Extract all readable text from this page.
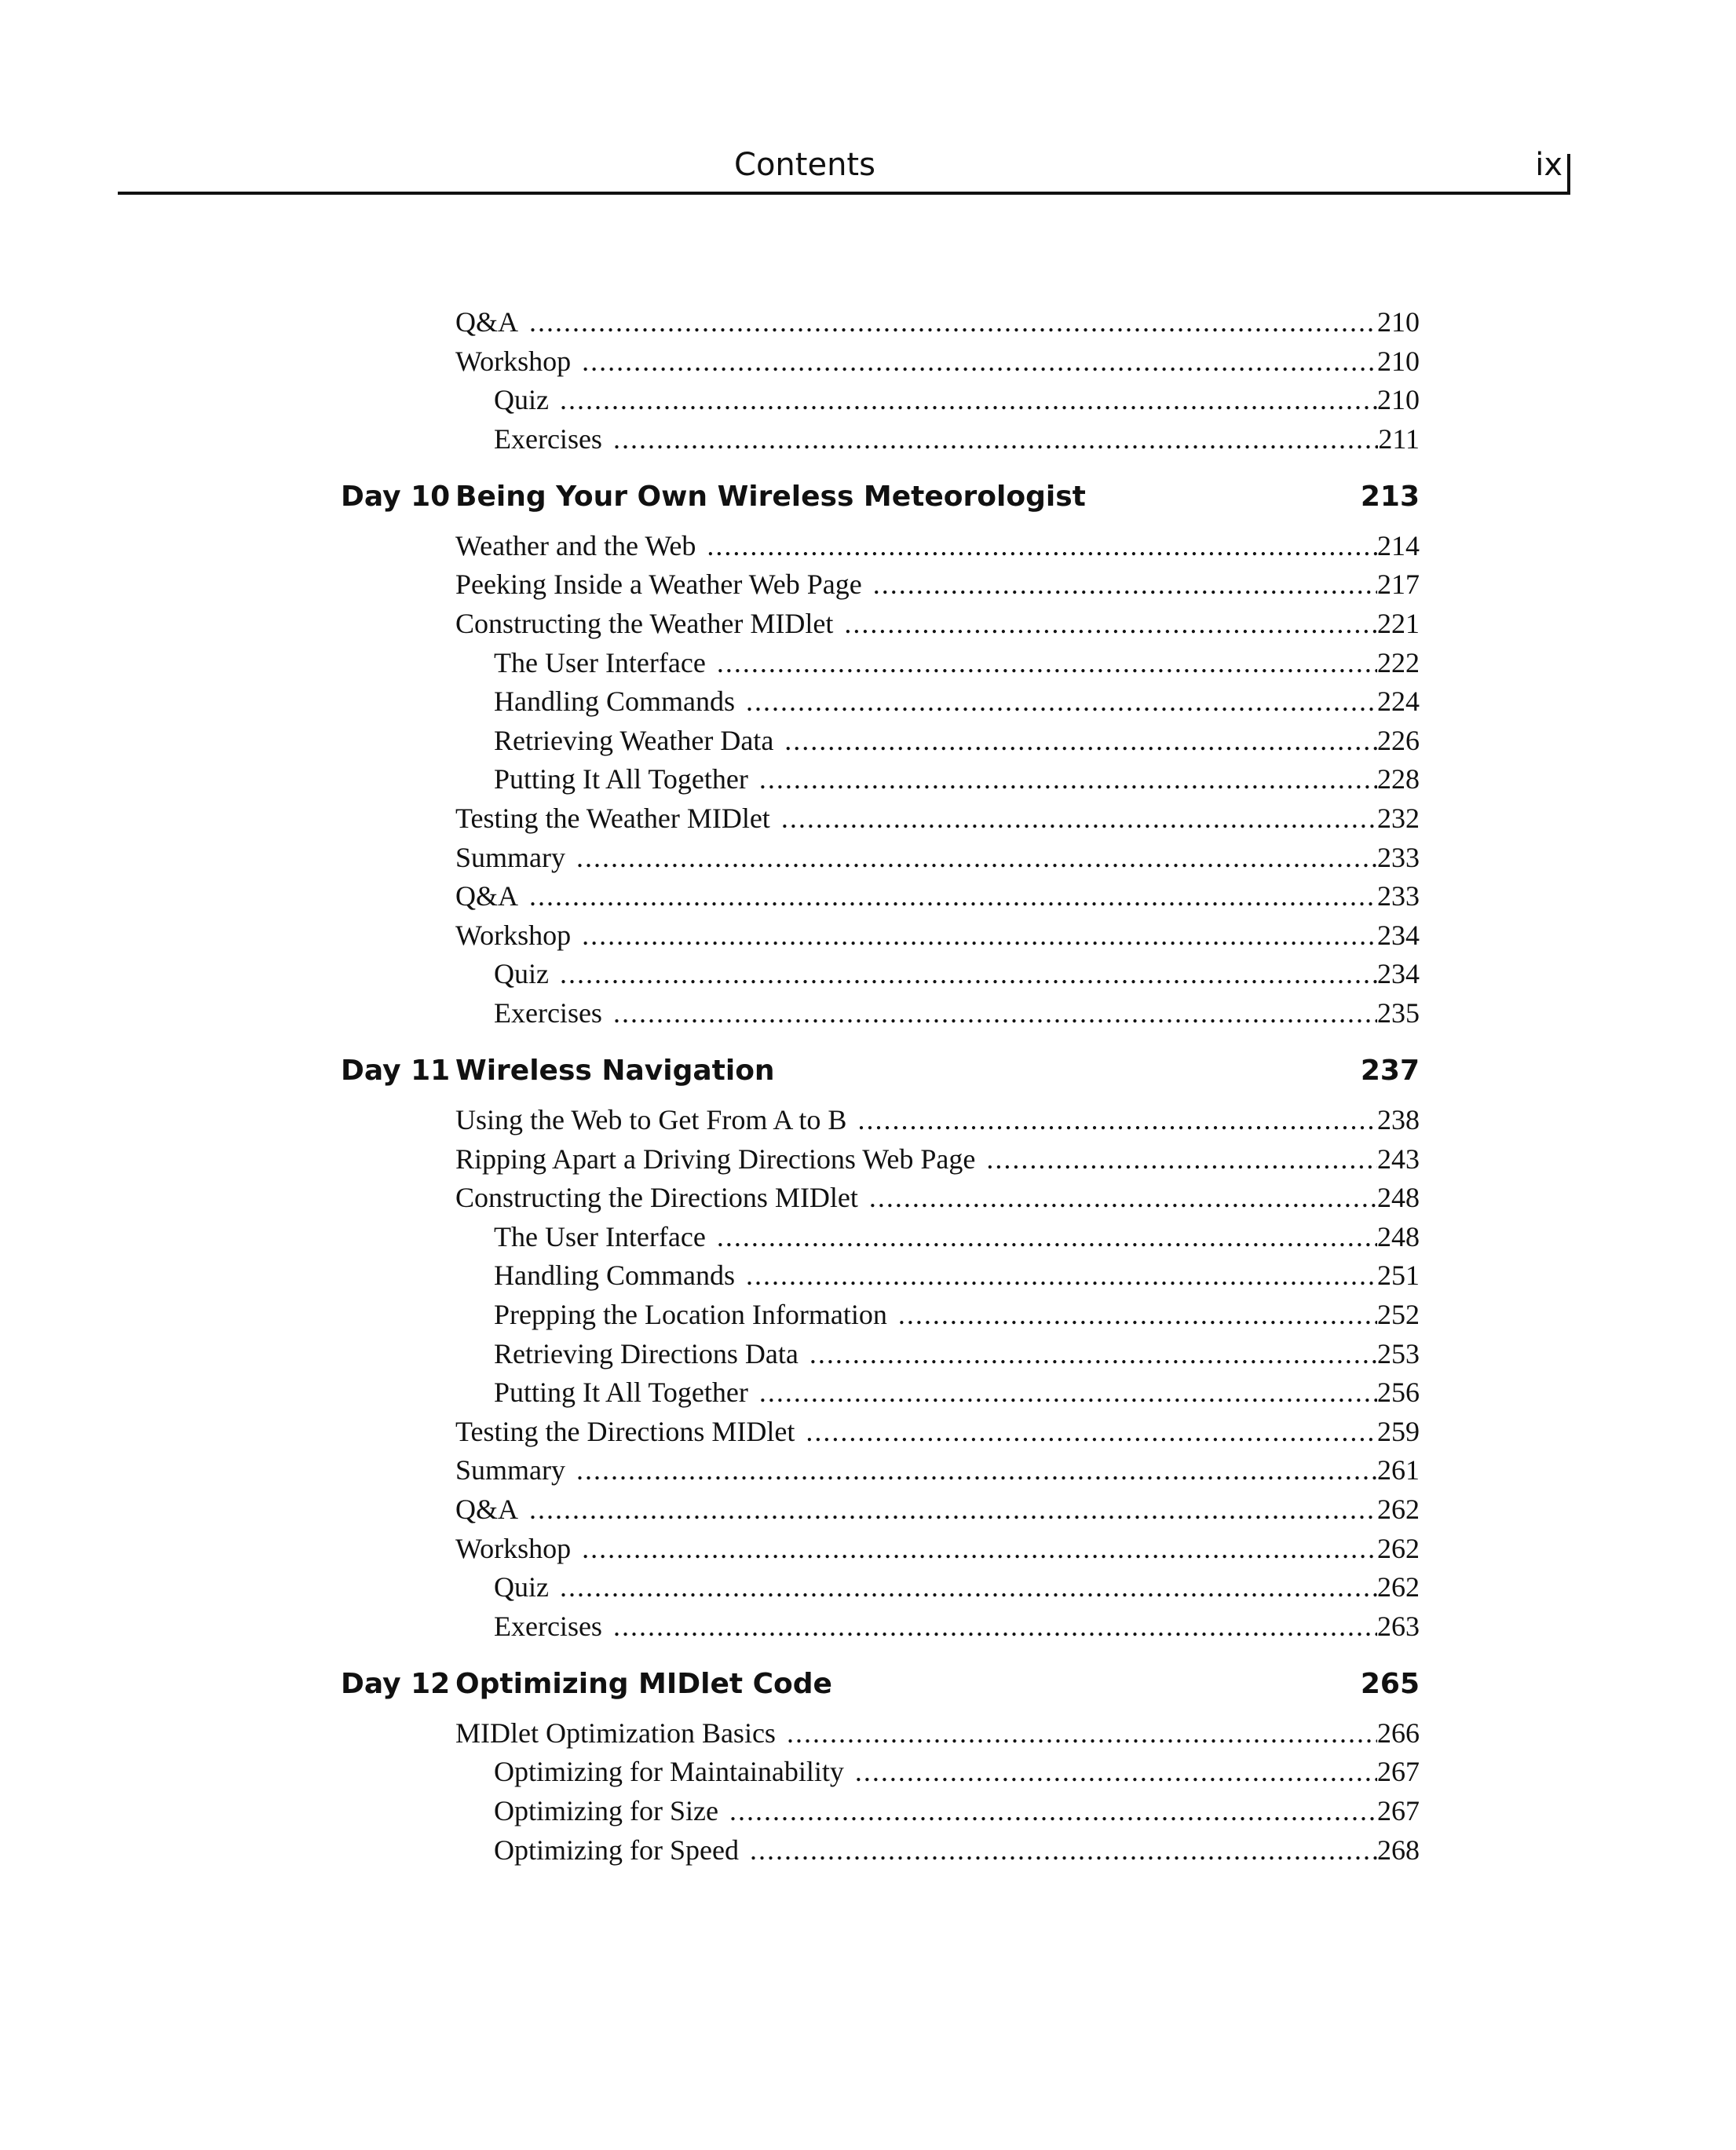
Contents	ix
Q&A .....	210
Workshop .....	210
Quiz .....	210
Exercises .....	211
Day 10 Being Your Own Wireless Meteorologist	213
Weather and the Web .....	214
Peeking Inside a Weather Web Page .....	217
Constructing the Weather MIDlet .....	221
The User Interface .....	222
Handling Commands .....	224
Retrieving Weather Data .....	226
Putting It All Together .....	228
Testing the Weather MIDlet .....	232
Summary .....	233
Q&A .....	233
Workshop .....	234
Quiz .....	234
Exercises .....	235
Day 11 Wireless Navigation	237
Using the Web to Get From A to B .....	238
Ripping Apart a Driving Directions Web Page .....	243
Constructing the Directions MIDlet .....	248
The User Interface .....	248
Handling Commands .....	251
Prepping the Location Information .....	252
Retrieving Directions Data .....	253
Putting It All Together .....	256
Testing the Directions MIDlet .....	259
Summary .....	261
Q&A .....	262
Workshop .....	262
Quiz .....	262
Exercises .....	263
Day 12 Optimizing MIDlet Code	265
MIDlet Optimization Basics .....	266
Optimizing for Maintainability .....	267
Optimizing for Size .....	267
Optimizing for Speed .....	268
